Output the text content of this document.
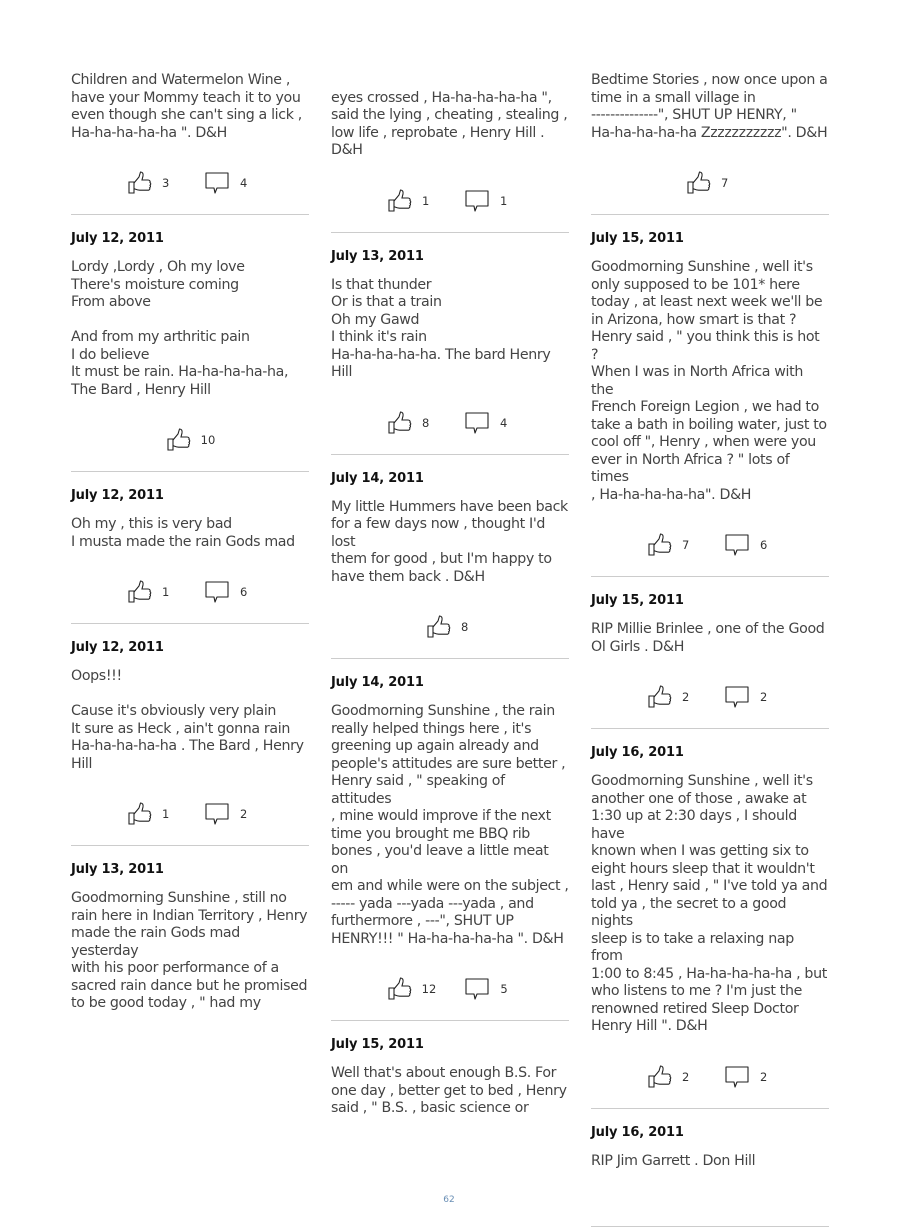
Children and Watermelon Wine ,
have your Mommy teach it to you
even though she can't sing a lick ,
Ha-ha-ha-ha-ha ". D&H
3	4
July 12, 2011
Lordy ,Lordy , Oh my love
There's moisture coming
From above

And from my arthritic pain
I do believe
It must be rain. Ha-ha-ha-ha-ha,
The Bard , Henry Hill
10
July 12, 2011
Oh my , this is very bad
I musta made the rain Gods mad
1	6
July 12, 2011
Oops!!!

Cause it's obviously very plain
It sure as Heck , ain't gonna rain
Ha-ha-ha-ha-ha . The Bard , Henry
Hill
1	2
July 13, 2011
Goodmorning Sunshine , still no
rain here in Indian Territory , Henry
made the rain Gods mad yesterday
with his poor performance of a
sacred rain dance but he promised
to be good today , " had my

eyes crossed , Ha-ha-ha-ha-ha ",
said the lying , cheating , stealing ,
low life , reprobate , Henry Hill .
D&H
1	1
July 13, 2011
Is that thunder
Or is that a train
Oh my Gawd
I think it's rain
Ha-ha-ha-ha-ha. The bard Henry
Hill
8	4
July 14, 2011
My little Hummers have been back
for a few days now , thought I'd lost
them for good , but I'm happy to
have them back . D&H
8
July 14, 2011
Goodmorning Sunshine , the rain
really helped things here , it's
greening up again already and
people's attitudes are sure better ,
Henry said , " speaking of attitudes
, mine would improve if the next
time you brought me BBQ rib
bones , you'd leave a little meat on
em and while were on the subject ,
----- yada ---yada ---yada , and
furthermore , ---", SHUT UP
HENRY!!! " Ha-ha-ha-ha-ha ". D&H
12	5
July 15, 2011
Well that's about enough B.S. For
one day , better get to bed , Henry
said , " B.S. , basic science or
Bedtime Stories , now once upon a
time in a small village in
--------------", SHUT UP HENRY, "
Ha-ha-ha-ha-ha Zzzzzzzzzzz". D&H
7
July 15, 2011
Goodmorning Sunshine , well it's
only supposed to be 101* here
today , at least next week we'll be
in Arizona, how smart is that ?
Henry said , " you think this is hot ?
When I was in North Africa with the
French Foreign Legion , we had to
take a bath in boiling water, just to
cool off ", Henry , when were you
ever in North Africa ? " lots of times
, Ha-ha-ha-ha-ha". D&H
7	6
July 15, 2011
RIP Millie Brinlee , one of the Good
Ol Girls . D&H
2	2
July 16, 2011
Goodmorning Sunshine , well it's
another one of those , awake at
1:30 up at 2:30 days , I should have
known when I was getting six to
eight hours sleep that it wouldn't
last , Henry said , " I've told ya and
told ya , the secret to a good nights
sleep is to take a relaxing nap from
1:00 to 8:45 , Ha-ha-ha-ha-ha , but
who listens to me ? I'm just the
renowned retired Sleep Doctor
Henry Hill ". D&H
2	2
July 16, 2011
RIP Jim Garrett . Don Hill
62
